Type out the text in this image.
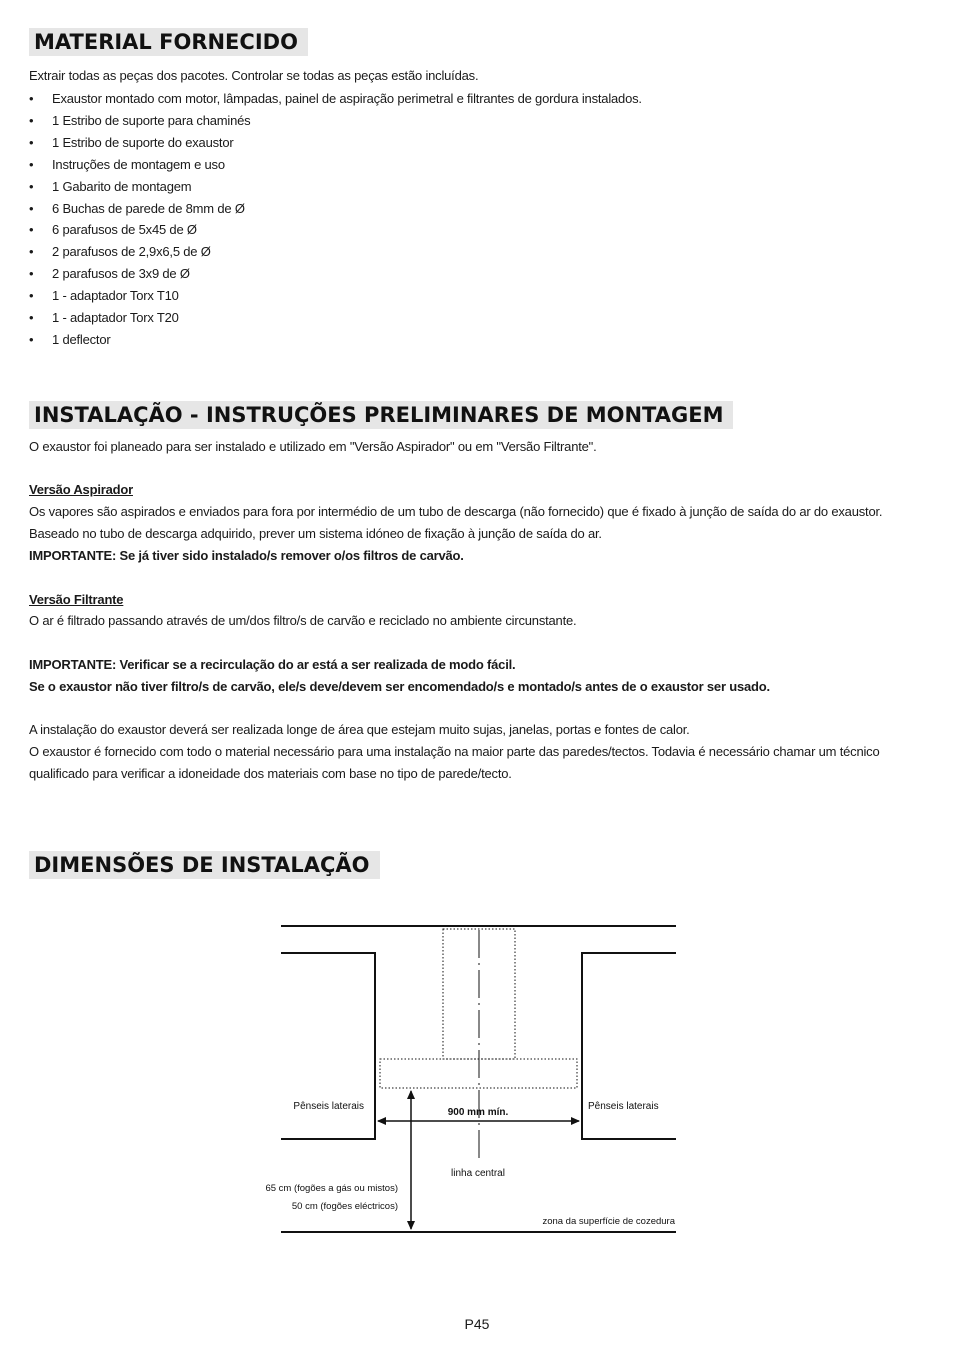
MATERIAL FORNECIDO
Extrair todas as peças dos pacotes. Controlar se todas as peças estão incluídas.
• Exaustor montado com motor, lâmpadas, painel de aspiração perimetral e filtrantes de gordura instalados.
• 1 Estribo de suporte para chaminés
• 1 Estribo de suporte do exaustor
• Instruções de montagem e uso
• 1 Gabarito de montagem
• 6 Buchas de parede de 8mm de Ø
• 6 parafusos de 5x45 de Ø
• 2 parafusos de 2,9x6,5 de Ø
• 2 parafusos de 3x9 de Ø
• 1 - adaptador Torx T10
• 1 - adaptador Torx T20
• 1 deflector
INSTALAÇÃO - INSTRUÇÕES PRELIMINARES DE MONTAGEM
O exaustor foi planeado para ser instalado e utilizado em "Versão Aspirador" ou em "Versão Filtrante".
Versão Aspirador
Os vapores são aspirados e enviados para fora por intermédio de um tubo de descarga (não fornecido) que é fixado à junção de saída do ar do exaustor.
Baseado no tubo de descarga adquirido, prever um sistema idóneo de fixação à junção de saída do ar.
IMPORTANTE: Se já tiver sido instalado/s remover o/os filtros de carvão.
Versão Filtrante
O ar é filtrado passando através de um/dos filtro/s de carvão e reciclado no ambiente circunstante.
IMPORTANTE: Verificar se a recirculação do ar está a ser realizada de modo fácil.
Se o exaustor não tiver filtro/s de carvão, ele/s deve/devem ser encomendado/s e montado/s antes de o exaustor ser usado.
A instalação do exaustor deverá ser realizada longe de área que estejam muito sujas, janelas, portas e fontes de calor.

O exaustor é fornecido com todo o material necessário para uma instalação na maior parte das paredes/tectos. Todavia é necessário chamar um técnico qualificado para verificar a idoneidade dos materiais com base no tipo de parede/tecto.

DIMENSÕES DE INSTALAÇÃO
Pênseis laterais	Pênseis laterais
900 mm mín.
linha central
65 cm (fogões a gás ou mistos)
50 cm (fogões eléctricos)
zona da superfície de cozedura
P45
